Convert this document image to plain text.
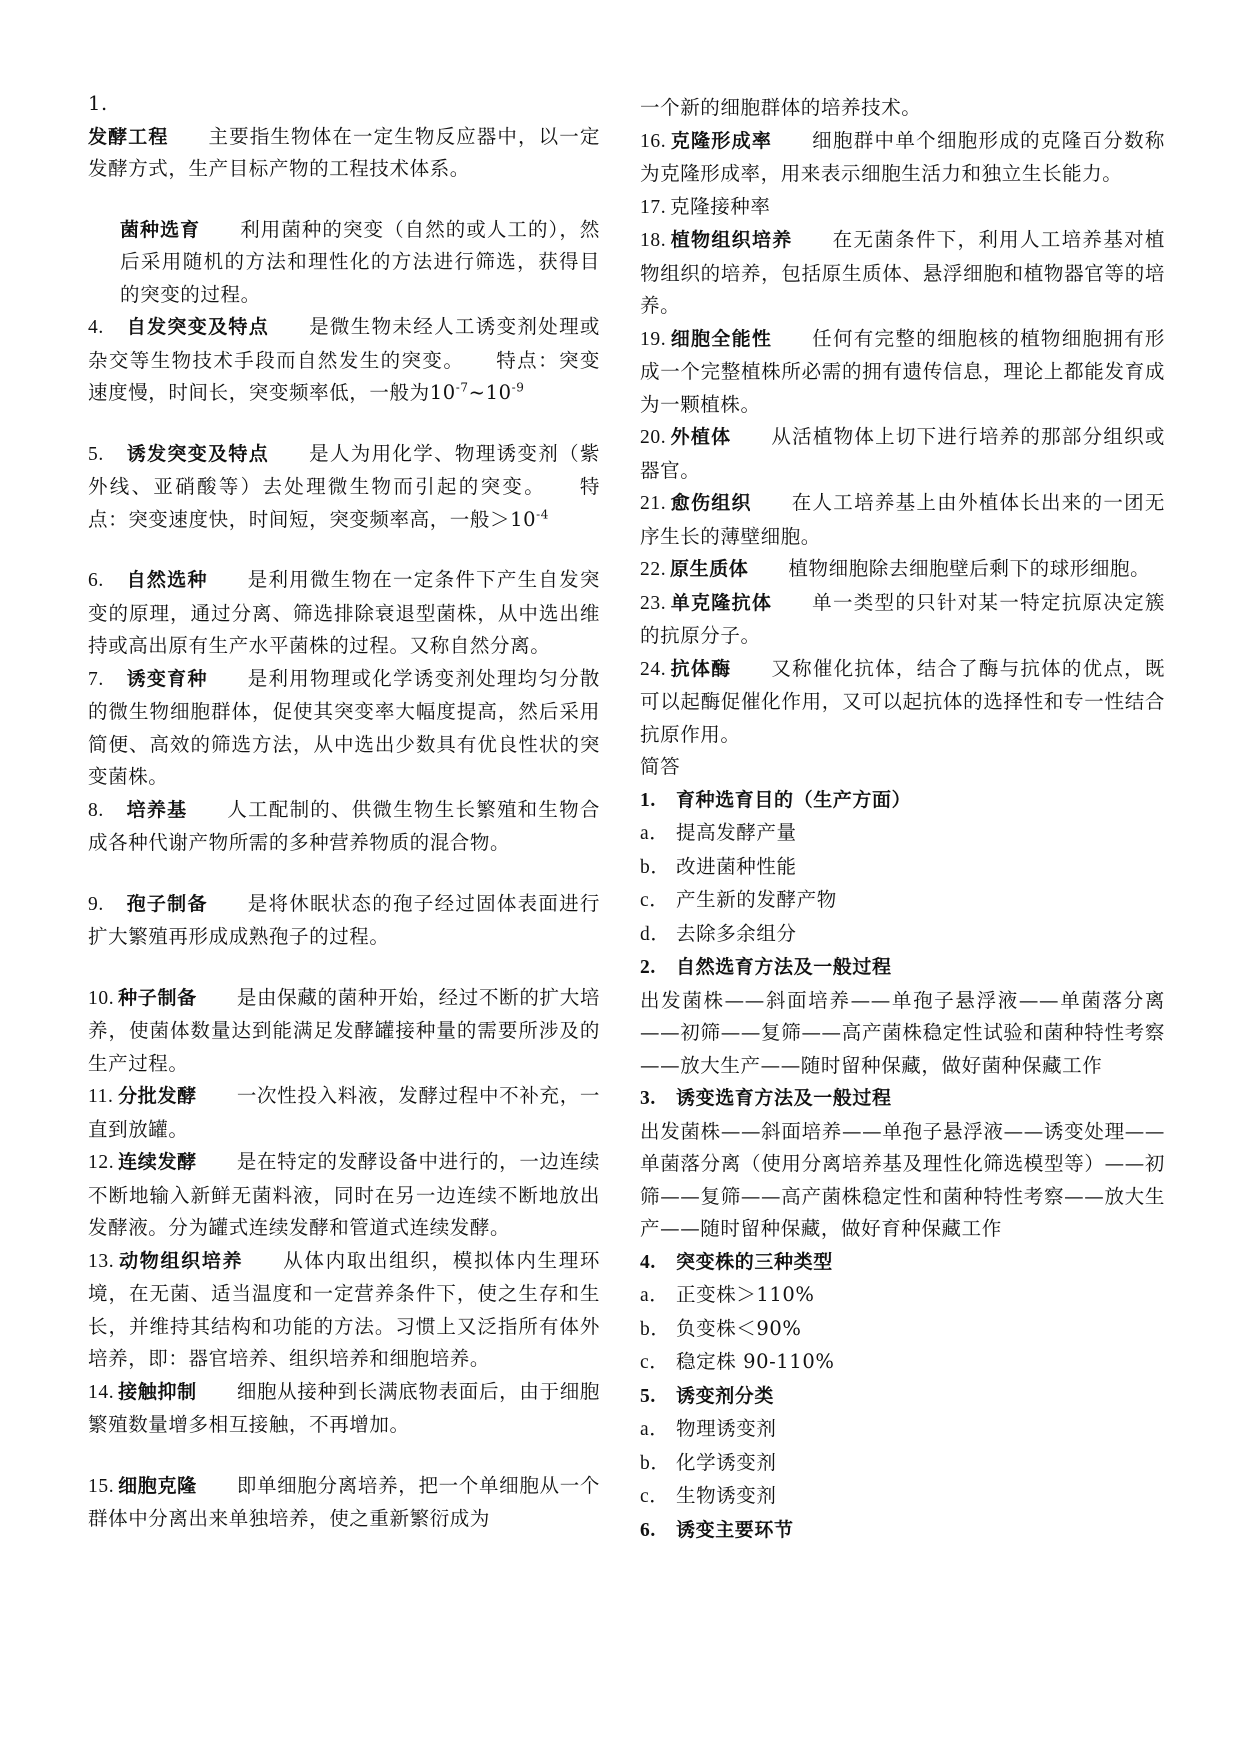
1.

发酵工程 主要指生物体在一定生物反应器中，以一定发酵方式，生产目标产物的工程技术体系。

菌种选育 利用菌种的突变（自然的或人工的），然后采用随机的方法和理性化的方法进行筛选，获得目的突变的过程。

4. 自发突变及特点 是微生物未经人工诱变剂处理或杂交等生物技术手段而自然发生的突变。　　特点：突变速度慢，时间长，突变频率低，一般为$10^{-7}\sim 10^{-9}$

5. 诱发突变及特点 是人为用化学、物理诱变剂（紫外线、亚硝酸等）去处理微生物而引起的突变。　　特点：突变速度快，时间短，突变频率高，一般$>10^{-4}$

6. 自然选种 是利用微生物在一定条件下产生自发突变的原理，通过分离、筛选排除衰退型菌株，从中选出维持或高出原有生产水平菌株的过程。又称自然分离。

7. 诱变育种 是利用物理或化学诱变剂处理均匀分散的微生物细胞群体，促使其突变率大幅度提高，然后采用简便、高效的筛选方法，从中选出少数具有优良性状的突变菌株。

8. 培养基 人工配制的、供微生物生长繁殖和生物合成各种代谢产物所需的多种营养物质的混合物。

9. 孢子制备 是将休眠状态的孢子经过固体表面进行扩大繁殖再形成成熟孢子的过程。

10. 种子制备 是由保藏的菌种开始，经过不断的扩大培养，使菌体数量达到能满足发酵罐接种量的需要所涉及的生产过程。

11. 分批发酵 一次性投入料液，发酵过程中不补充，一直到放罐。

12. 连续发酵 是在特定的发酵设备中进行的，一边连续不断地输入新鲜无菌料液，同时在另一边连续不断地放出发酵液。分为罐式连续发酵和管道式连续发酵。

13. 动物组织培养 从体内取出组织，模拟体内生理环境，在无菌、适当温度和一定营养条件下，使之生存和生长，并维持其结构和功能的方法。习惯上又泛指所有体外培养，即：器官培养、组织培养和细胞培养。

14. 接触抑制 细胞从接种到长满底物表面后，由于细胞繁殖数量增多相互接触，不再增加。

15. 细胞克隆 即单细胞分离培养，把一个单细胞从一个群体中分离出来单独培养，使之重新繁衍成为

一个新的细胞群体的培养技术。

16. 克隆形成率 细胞群中单个细胞形成的克隆百分数称为克隆形成率，用来表示细胞生活力和独立生长能力。

17. 克隆接种率

18. 植物组织培养 在无菌条件下，利用人工培养基对植物组织的培养，包括原生质体、悬浮细胞和植物器官等的培养。

19. 细胞全能性 任何有完整的细胞核的植物细胞拥有形成一个完整植株所必需的拥有遗传信息，理论上都能发育成为一颗植株。

20. 外植体 从活植物体上切下进行培养的那部分组织或器官。

21. 愈伤组织 在人工培养基上由外植体长出来的一团无序生长的薄壁细胞。

22. 原生质体 植物细胞除去细胞壁后剩下的球形细胞。

23. 单克隆抗体 单一类型的只针对某一特定抗原决定簇的抗原分子。

24. 抗体酶 又称催化抗体，结合了酶与抗体的优点，既可以起酶促催化作用，又可以起抗体的选择性和专一性结合抗原作用。

简答

1. 育种选育目的（生产方面）

a． 提高发酵产量

b． 改进菌种性能

c． 产生新的发酵产物

d． 去除多余组分

2. 自然选育方法及一般过程

出发菌株——斜面培养——单孢子悬浮液——单菌落分离——初筛——复筛——高产菌株稳定性试验和菌种特性考察——放大生产——随时留种保藏，做好菌种保藏工作

3. 诱变选育方法及一般过程

出发菌株——斜面培养——单孢子悬浮液——诱变处理——单菌落分离（使用分离培养基及理性化筛选模型等）——初筛——复筛——高产菌株稳定性和菌种特性考察——放大生产——随时留种保藏，做好育种保藏工作

4. 突变株的三种类型

a． 正变株＞110%

b． 负变株＜90%

c． 稳定株 90-110%

5. 诱变剂分类

a． 物理诱变剂

b． 化学诱变剂

c． 生物诱变剂

6. 诱变主要环节
